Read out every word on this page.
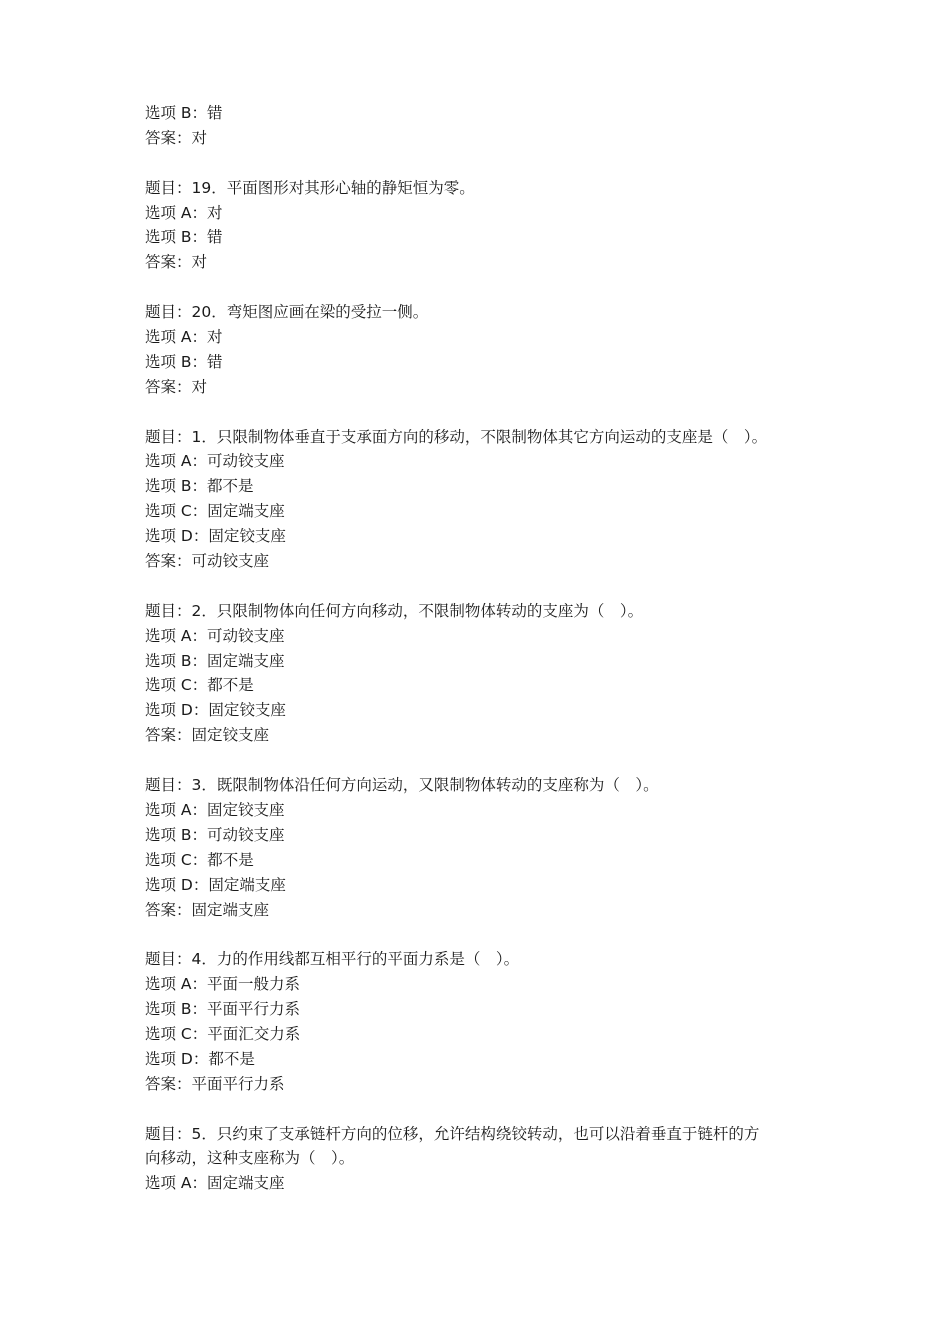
选项 B：错
答案：对
题目：19．平面图形对其形心轴的静矩恒为零。
选项 A：对
选项 B：错
答案：对
题目：20．弯矩图应画在梁的受拉一侧。
选项 A：对
选项 B：错
答案：对
题目：1．只限制物体垂直于支承面方向的移动，不限制物体其它方向运动的支座是（　）。
选项 A：可动铰支座
选项 B：都不是
选项 C：固定端支座
选项 D：固定铰支座
答案：可动铰支座
题目：2．只限制物体向任何方向移动，不限制物体转动的支座为（　）。
选项 A：可动铰支座
选项 B：固定端支座
选项 C：都不是
选项 D：固定铰支座
答案：固定铰支座
题目：3．既限制物体沿任何方向运动，又限制物体转动的支座称为（　）。
选项 A：固定铰支座
选项 B：可动铰支座
选项 C：都不是
选项 D：固定端支座
答案：固定端支座
题目：4．力的作用线都互相平行的平面力系是（　）。
选项 A：平面一般力系
选项 B：平面平行力系
选项 C：平面汇交力系
选项 D：都不是
答案：平面平行力系
题目：5．只约束了支承链杆方向的位移，允许结构绕铰转动，也可以沿着垂直于链杆的方
向移动，这种支座称为（　）。
选项 A：固定端支座
